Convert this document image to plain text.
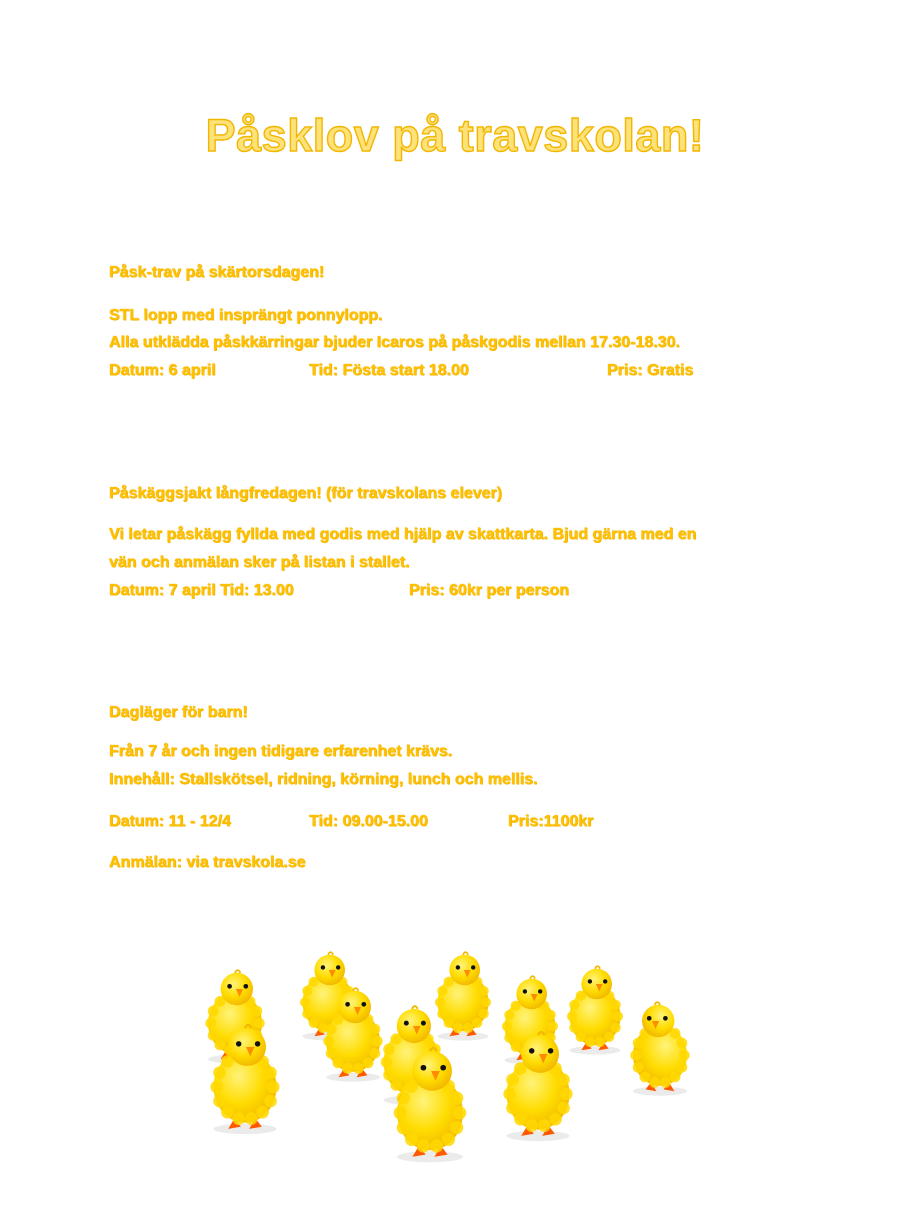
Påsklov på travskolan!

Påsk-trav på skärtorsdagen!

STL lopp med insprängt ponnylopp.

Alla utklädda påskkärringar bjuder Icaros på påskgodis mellan 17.30-18.30.

Datum: 6 april	Tid: Fösta start 18.00	Pris: Gratis

Påskäggsjakt långfredagen! (för travskolans elever)

Vi letar påskägg fyllda med godis med hjälp av skattkarta. Bjud gärna med en

vän och anmälan sker på listan i stallet.

Datum: 7 april Tid: 13.00	Pris: 60kr per person

Dagläger för barn!

Från 7 år och ingen tidigare erfarenhet krävs.

Innehåll: Stallskötsel, ridning, körning, lunch och mellis.

Datum: 11 - 12/4	Tid: 09.00-15.00	Pris:1100kr

Anmälan: via travskola.se
